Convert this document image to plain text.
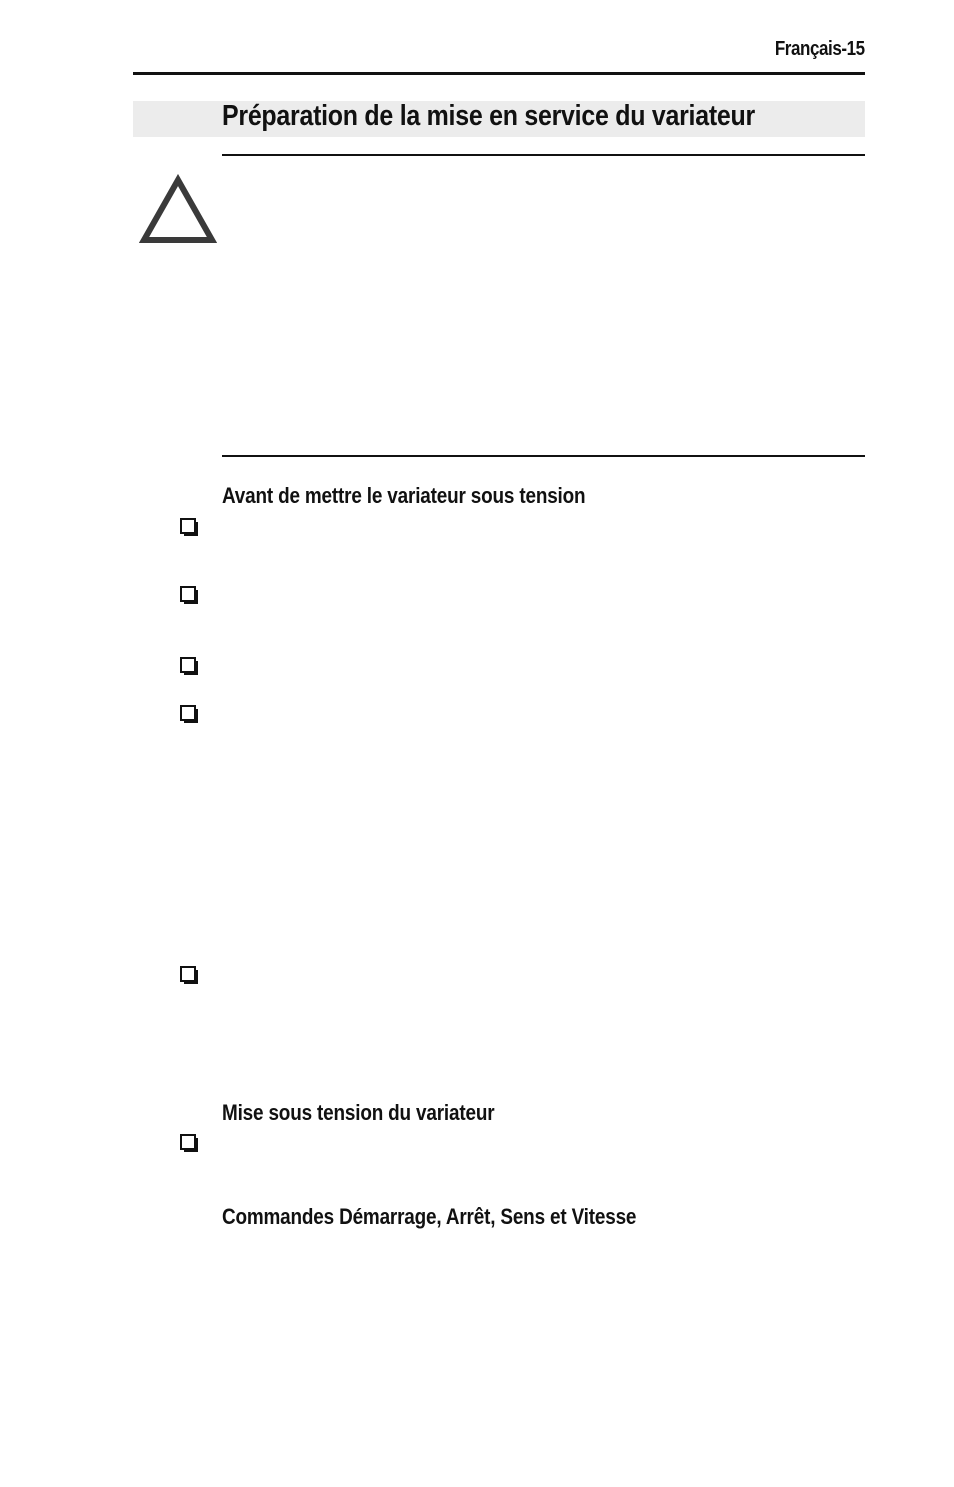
Français-15
Préparation de la mise en service du variateur
Avant de mettre le variateur sous tension
Mise sous tension du variateur
Commandes Démarrage, Arrêt, Sens et Vitesse
